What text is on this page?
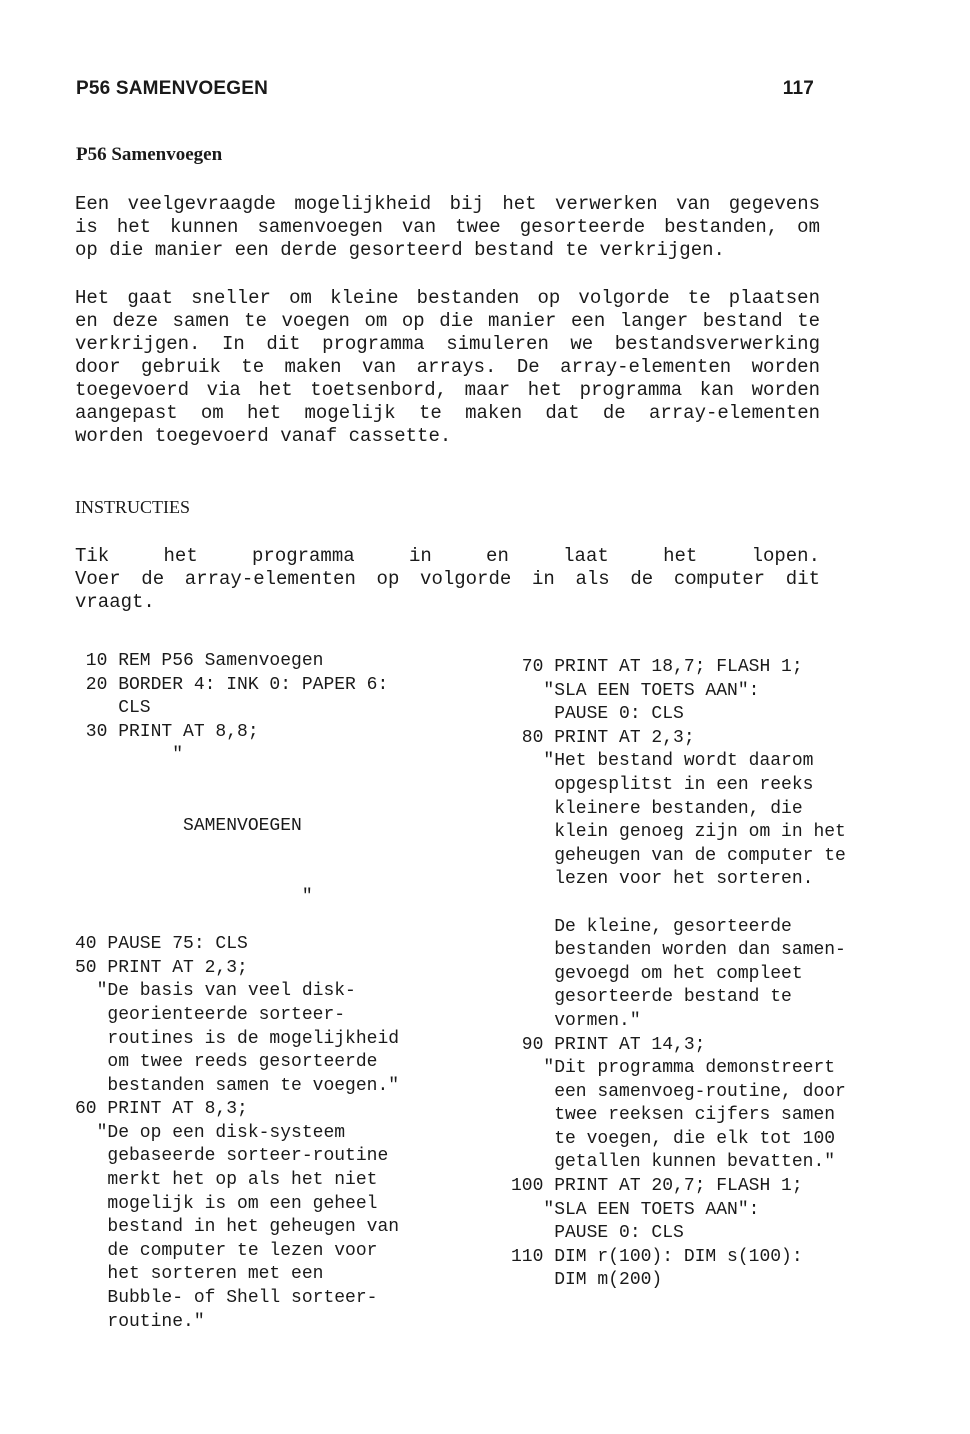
P56 SAMENVOEGEN	117
P56 Samenvoegen

Een veelgevraagde mogelijkheid bij het verwerken van gegevens
is het kunnen samenvoegen van twee gesorteerde bestanden, om
op die manier een derde gesorteerd bestand te verkrijgen.

Het gaat sneller om kleine bestanden op volgorde te plaatsen
en deze samen te voegen om op die manier een langer bestand te
verkrijgen. In dit programma simuleren we bestandsverwerking
door gebruik te maken van arrays. De array-elementen worden
toegevoerd via het toetsenbord, maar het programma kan worden
aangepast om het mogelijk te maken dat de array-elementen
worden toegevoerd vanaf cassette.

INSTRUCTIES

Tik het programma in en laat het lopen.
Voer de array-elementen op volgorde in als de computer dit
vraagt.

10 REM P56 Samenvoegen
20 BORDER 4: INK 0: PAPER 6:
CLS
30 PRINT AT 8,8;
"
SAMENVOEGEN
"
40 PAUSE 75: CLS
50 PRINT AT 2,3;
"De basis van veel disk-
georienteerde sorteer-
routines is de mogelijkheid
om twee reeds gesorteerde
bestanden samen te voegen."
60 PRINT AT 8,3;
"De op een disk-systeem
gebaseerde sorteer-routine
merkt het op als het niet
mogelijk is om een geheel
bestand in het geheugen van
de computer te lezen voor
het sorteren met een
Bubble- of Shell sorteer-
routine."
70 PRINT AT 18,7; FLASH 1;
"SLA EEN TOETS AAN":
PAUSE 0: CLS
80 PRINT AT 2,3;
"Het bestand wordt daarom
opgesplitst in een reeks
kleinere bestanden, die
klein genoeg zijn om in het
geheugen van de computer te
lezen voor het sorteren.
De kleine, gesorteerde
bestanden worden dan samen-
gevoegd om het compleet
gesorteerde bestand te
vormen."
90 PRINT AT 14,3;
"Dit programma demonstreert
een samenvoeg-routine, door
twee reeksen cijfers samen
te voegen, die elk tot 100
getallen kunnen bevatten."
100 PRINT AT 20,7; FLASH 1;
"SLA EEN TOETS AAN":
PAUSE 0: CLS
110 DIM r(100): DIM s(100):
DIM m(200)
